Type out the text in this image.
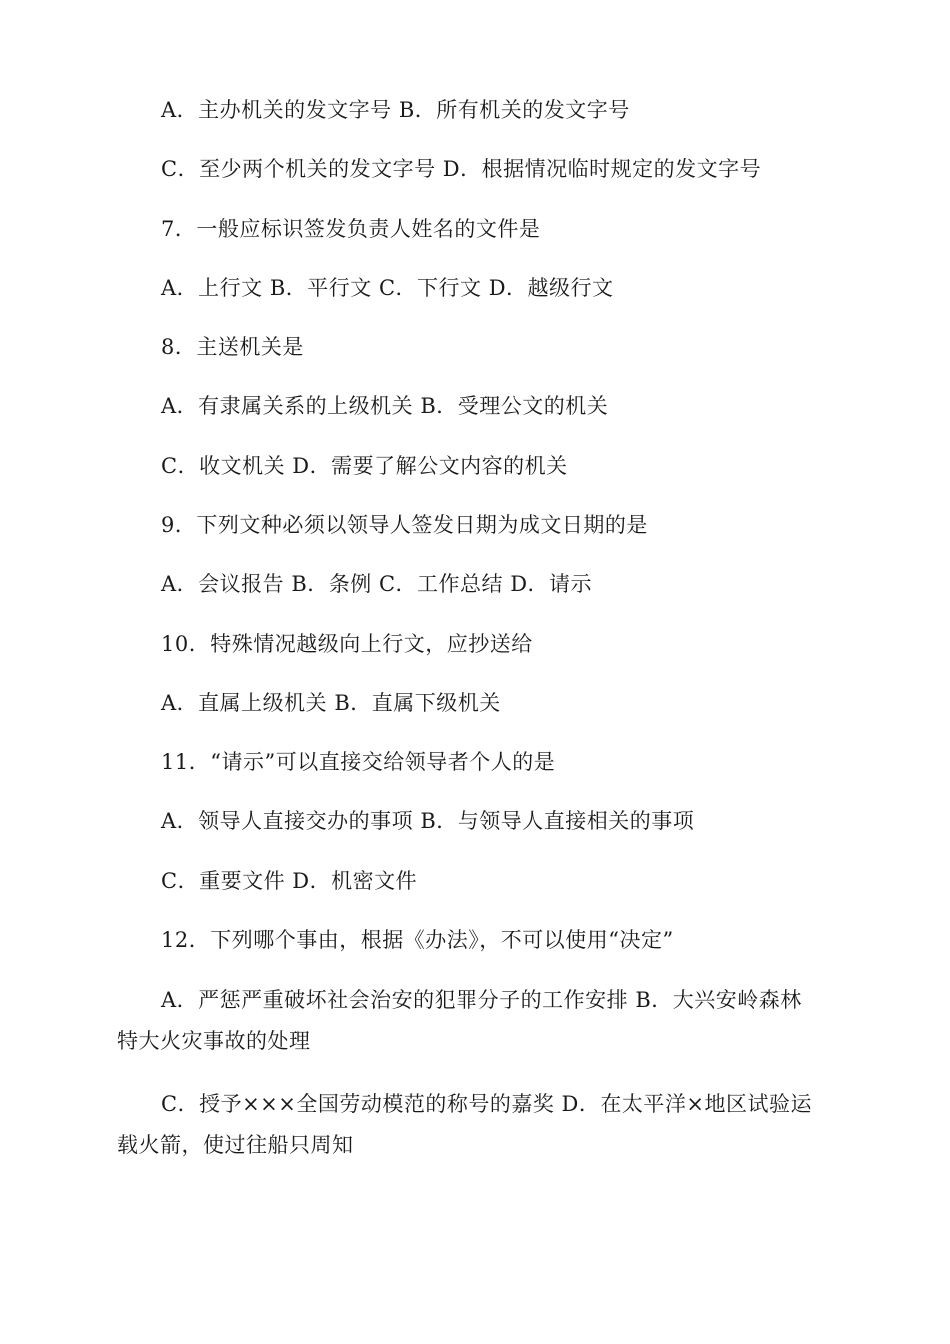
A．主办机关的发文字号 B．所有机关的发文字号

C．至少两个机关的发文字号 D．根据情况临时规定的发文字号

7．一般应标识签发负责人姓名的文件是

A．上行文 B．平行文 C．下行文 D．越级行文

8．主送机关是

A．有隶属关系的上级机关 B．受理公文的机关

C．收文机关 D．需要了解公文内容的机关

9．下列文种必须以领导人签发日期为成文日期的是

A．会议报告 B．条例 C．工作总结 D．请示

10．特殊情况越级向上行文，应抄送给

A．直属上级机关 B．直属下级机关

11．“请示”可以直接交给领导者个人的是

A．领导人直接交办的事项 B．与领导人直接相关的事项

C．重要文件 D．机密文件

12．下列哪个事由，根据《办法》，不可以使用“决定”

A．严惩严重破坏社会治安的犯罪分子的工作安排 B．大兴安岭森林特大火灾事故的处理

C．授予×××全国劳动模范的称号的嘉奖 D．在太平洋×地区试验运载火箭，使过往船只周知
